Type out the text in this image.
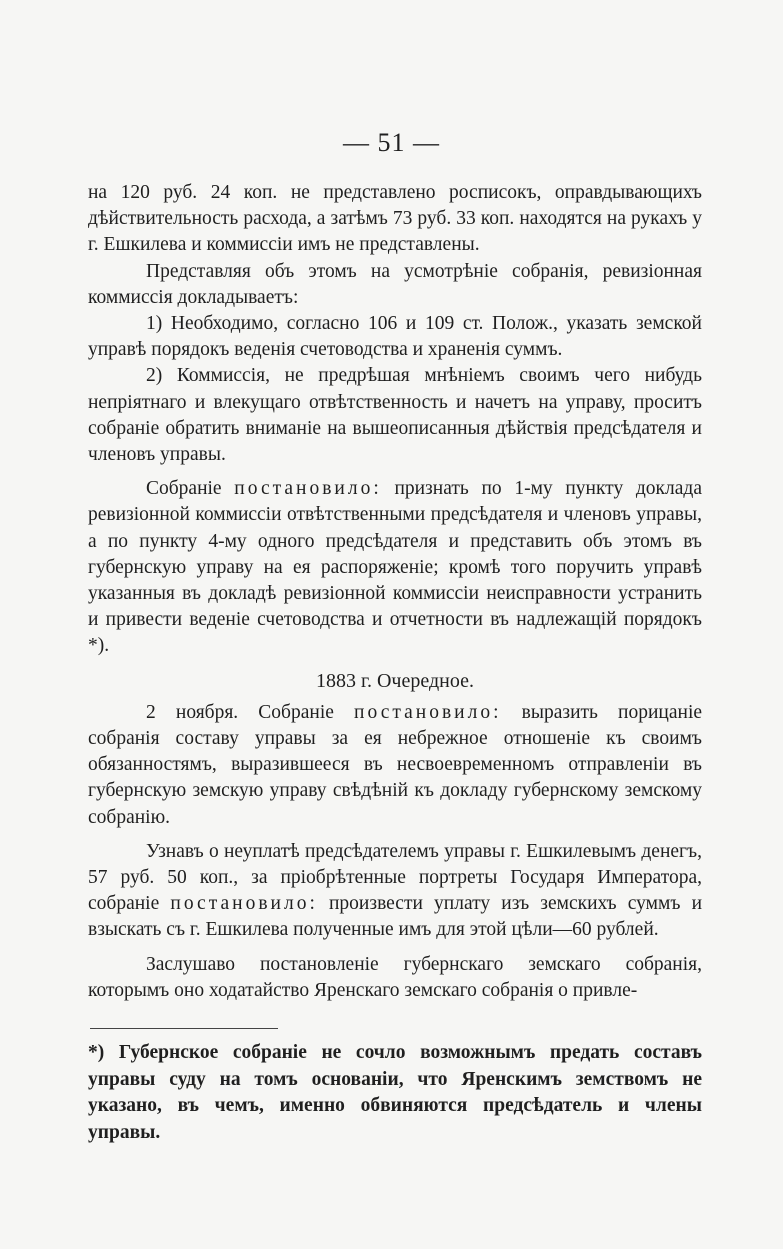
— 51 —

на 120 руб. 24 коп. не представлено росписокъ, оправдывающихъ дѣйствительность расхода, а затѣмъ 73 руб. 33 коп. находятся на рукахъ у г. Ешкилева и коммиссіи имъ не представлены.

Представляя объ этомъ на усмотрѣніе собранія, ревизіонная коммиссія докладываетъ:

1) Необходимо, согласно 106 и 109 ст. Полож., указать земской управѣ порядокъ веденія счетоводства и храненія суммъ.

2) Коммиссія, не предрѣшая мнѣніемъ своимъ чего нибудь непріятнаго и влекущаго отвѣтственность и начетъ на управу, проситъ собраніе обратить вниманіе на вышеописанныя дѣйствія предсѣдателя и членовъ управы.

Собраніе постановило: признать по 1-му пункту доклада ревизіонной коммиссіи отвѣтственными предсѣдателя и членовъ управы, а по пункту 4-му одного предсѣдателя и представить объ этомъ въ губернскую управу на ея распоряженіе; кромѣ того поручить управѣ указанныя въ докладѣ ревизіонной коммиссіи неисправности устранить и привести веденіе счетоводства и отчетности въ надлежащій порядокъ *).

1883 г. Очередное.

2 ноября. Собраніе постановило: выразить порицаніе собранія составу управы за ея небрежное отношеніе къ своимъ обязанностямъ, выразившееся въ несвоевременномъ отправленіи въ губернскую земскую управу свѣдѣній къ докладу губернскому земскому собранію.

Узнавъ о неуплатѣ предсѣдателемъ управы г. Ешкилевымъ денегъ, 57 руб. 50 коп., за пріобрѣтенные портреты Государя Императора, собраніе постановило: произвести уплату изъ земскихъ суммъ и взыскать съ г. Ешкилева полученные имъ для этой цѣли—60 рублей.

Заслушаво постановленіе губернскаго земскаго собранія, которымъ оно ходатайство Яренскаго земскаго собранія о привле-

*) Губернское собраніе не сочло возможнымъ предать составъ управы суду на томъ основаніи, что Яренскимъ земствомъ не указано, въ чемъ, именно обвиняются предсѣдатель и члены управы.
